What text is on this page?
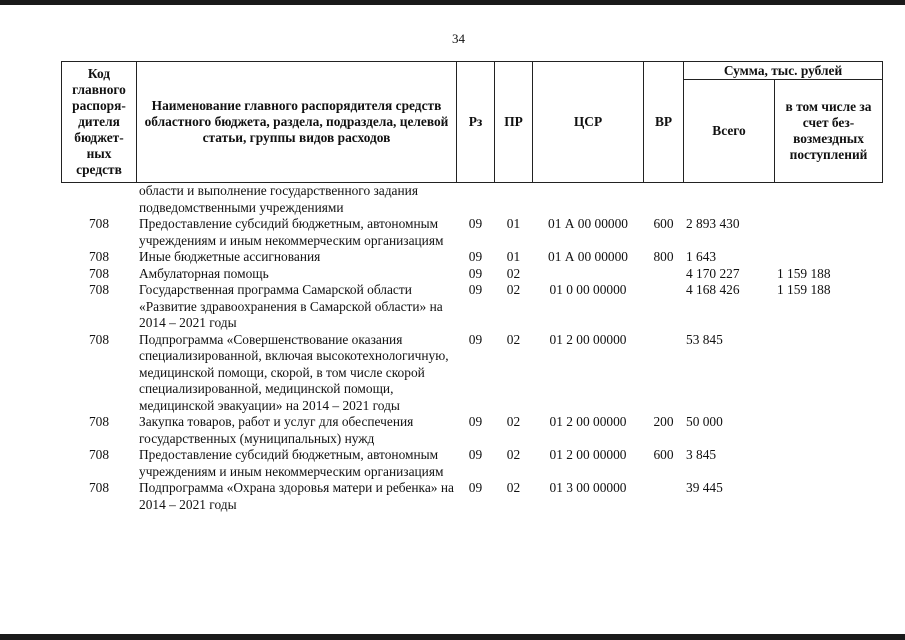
34
Код главного распоря-дителя бюджет-ных средств	Наименование главного распорядителя средств областного бюджета, раздела, подраздела, целевой статьи, группы видов расходов	Рз	ПР	ЦСР	ВР	Сумма, тыс. рублей	
						Всего	в том числе за счет без-возмездных поступлений
	области и выполнение государственного задания подведомственными учреждениями						
708	Предоставление субсидий бюджетным, автономным учреждениям и иным некоммерческим организациям	09	01	01 А 00 00000	600	2 893 430	
708	Иные бюджетные ассигнования	09	01	01 А 00 00000	800	1 643	
708	Амбулаторная помощь	09	02			4 170 227	1 159 188
708	Государственная программа Самарской области «Развитие здравоохранения в Самарской области» на 2014 – 2021 годы	09	02	01 0 00 00000		4 168 426	1 159 188
708	Подпрограмма «Совершенствование оказания специализированной, включая высокотехнологичную, медицинской помощи, скорой, в том числе скорой специализированной, медицинской помощи, медицинской эвакуации» на 2014 – 2021 годы	09	02	01 2 00 00000		53 845	
708	Закупка товаров, работ и услуг для обеспечения государственных (муниципальных) нужд	09	02	01 2 00 00000	200	50 000	
708	Предоставление субсидий бюджетным, автономным учреждениям и иным некоммерческим организациям	09	02	01 2 00 00000	600	3 845	
708	Подпрограмма «Охрана здоровья матери и ребенка» на 2014 – 2021 годы	09	02	01 3 00 00000		39 445	
